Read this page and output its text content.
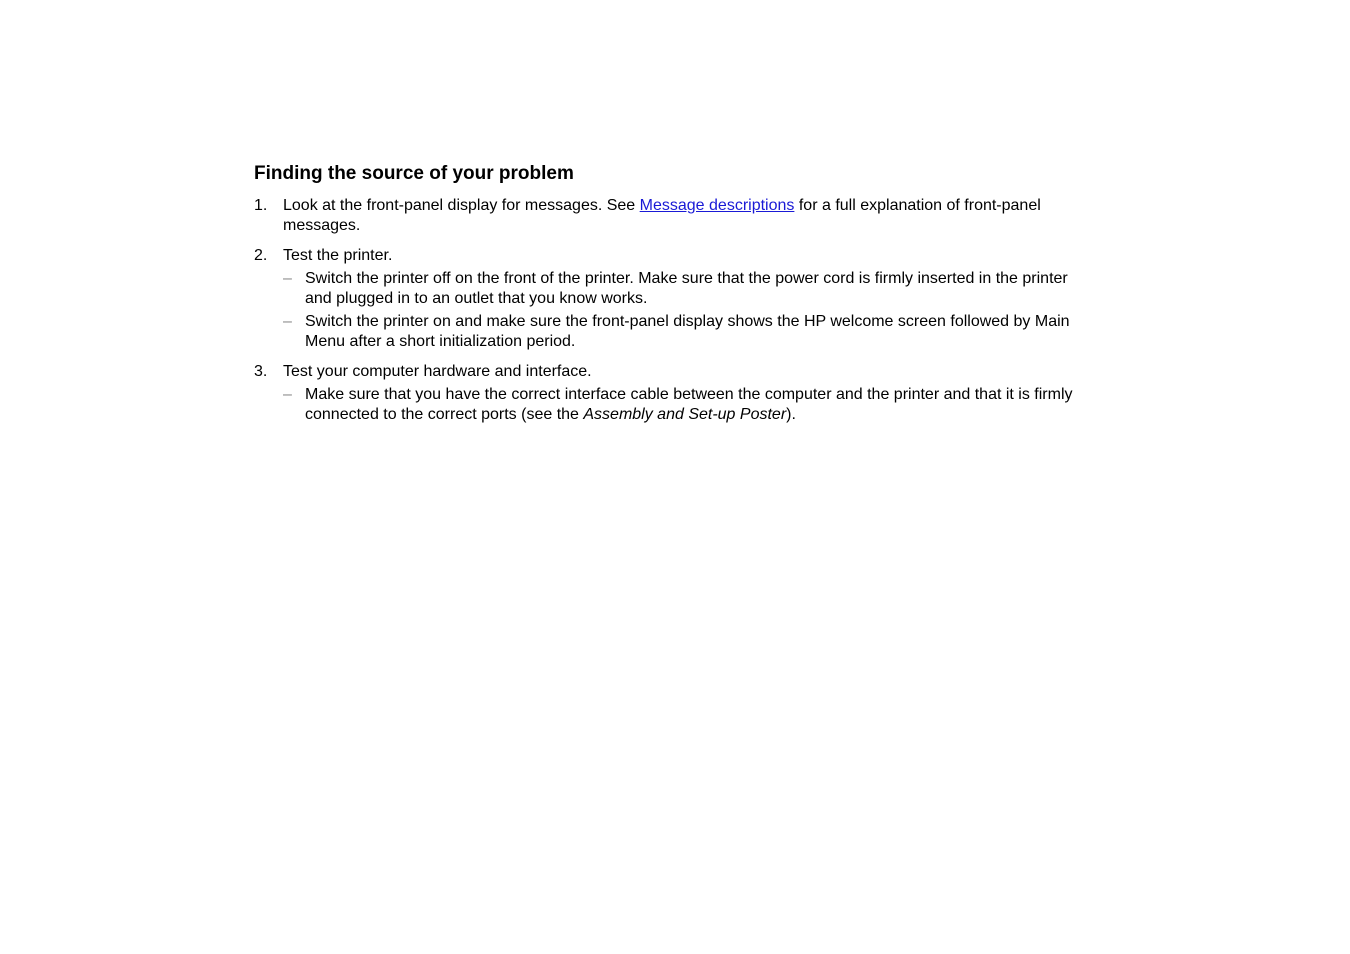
Finding the source of your problem
1. Look at the front-panel display for messages. See Message descriptions for a full explanation of front-panel messages.
2. Test the printer.
– Switch the printer off on the front of the printer. Make sure that the power cord is firmly inserted in the printer and plugged in to an outlet that you know works.
– Switch the printer on and make sure the front-panel display shows the HP welcome screen followed by Main Menu after a short initialization period.
3. Test your computer hardware and interface.
– Make sure that you have the correct interface cable between the computer and the printer and that it is firmly connected to the correct ports (see the Assembly and Set-up Poster).
